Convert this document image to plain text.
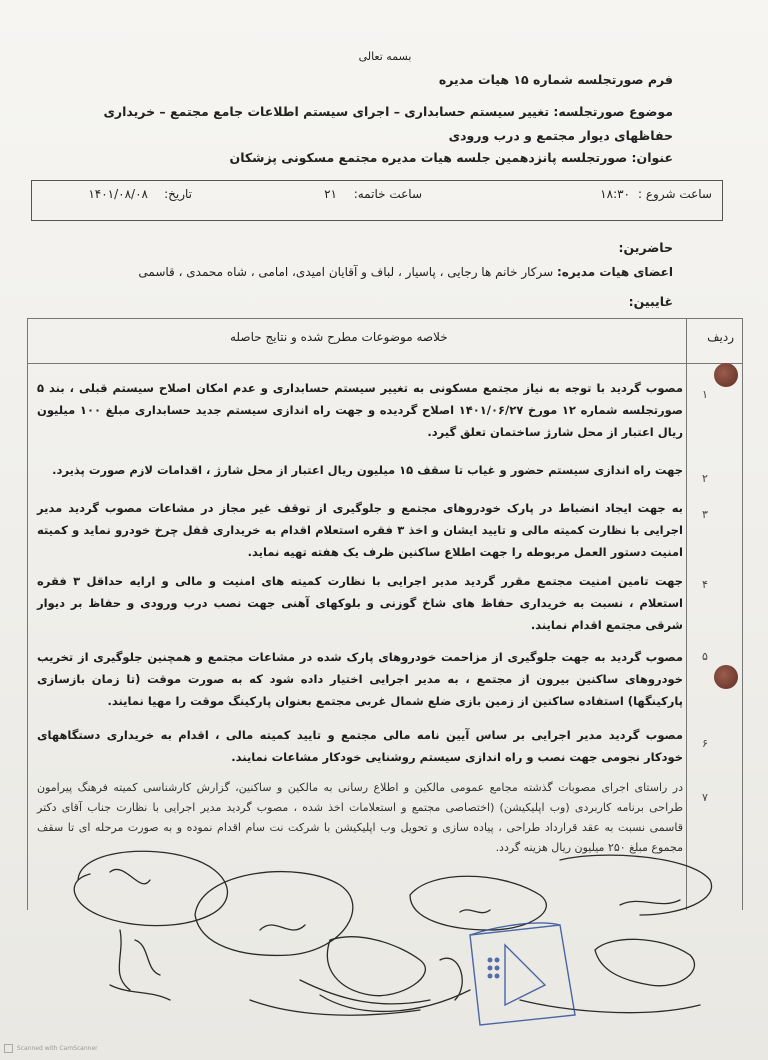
بسمه تعالی
فرم صورتجلسه شماره ۱۵ هیات مدیره
موضوع صورتجلسه: تغییر سیستم حسابداری – اجرای سیستم اطلاعات جامع مجتمع – خریداری حفاظهای دیوار مجتمع و درب ورودی
عنوان: صورتجلسه پانزدهمین جلسه هیات مدیره مجتمع مسکونی پزشکان
ساعت شروع :
۱۸:۳۰
ساعت خاتمه:
۲۱
تاریخ:
۱۴۰۱/۰۸/۰۸
حاضرین:
اعضای هیات مدیره: سرکار خانم ها رجایی ، پاسیار ، لباف و آقایان امیدی، امامی ، شاه محمدی ، قاسمی
غایبین:
ردیف
خلاصه موضوعات مطرح شده و نتایج حاصله
۱
مصوب گردید با توجه به نیاز مجتمع مسکونی به تغییر سیستم حسابداری و عدم امکان اصلاح سیستم قبلی ، بند ۵ صورتجلسه شماره ۱۲ مورخ ۱۴۰۱/۰۶/۲۷ اصلاح گردیده و جهت راه اندازی سیستم جدید حسابداری مبلغ ۱۰۰ میلیون ریال اعتبار از محل شارژ ساختمان تعلق گیرد.
۲
جهت راه اندازی سیستم حضور و غیاب تا سقف ۱۵ میلیون ریال اعتبار از محل شارژ ، اقدامات لازم صورت پذیرد.
۳
به جهت ایجاد انضباط در پارک خودروهای مجتمع و جلوگیری از توقف غیر مجاز در مشاعات مصوب گردید مدیر اجرایی با نظارت کمیته مالی و تایید ایشان و اخذ ۳ فقره استعلام اقدام به خریداری قفل چرخ خودرو نماید و کمیته امنیت دستور العمل مربوطه را جهت اطلاع ساکنین ظرف یک هفته تهیه نماید.
۴
جهت تامین امنیت مجتمع مقرر گردید مدیر اجرایی با نظارت کمیته های امنیت و مالی و ارایه حداقل ۳ فقره استعلام ، نسبت به خریداری حفاظ های شاخ گوزنی و بلوکهای آهنی جهت نصب درب ورودی و حفاظ بر دیوار شرقی مجتمع اقدام نمایند.
۵
مصوب گردید به جهت جلوگیری از مزاحمت خودروهای پارک شده در مشاعات مجتمع و همچنین جلوگیری از تخریب خودروهای ساکنین بیرون از مجتمع ، به مدیر اجرایی اختیار داده شود که به صورت موقت (تا زمان بازسازی پارکینگها) استفاده ساکنین از زمین بازی ضلع شمال غربی مجتمع بعنوان پارکینگ موقت را مهیا نمایند.
۶
مصوب گردید مدیر اجرایی بر ساس آیین نامه مالی مجتمع و تایید کمیته مالی ، اقدام به خریداری دستگاههای خودکار نجومی جهت نصب و راه اندازی سیستم روشنایی خودکار مشاعات نمایند.
۷
در راستای اجرای مصوبات گذشته مجامع عمومی مالکین و اطلاع رسانی به مالکین و ساکنین، گزارش کارشناسی کمیته فرهنگ پیرامون طراحی برنامه کاربردی (وب اپلیکیشن) (اختصاصی مجتمع و استعلامات اخذ شده ، مصوب گردید مدیر اجرایی با نظارت جناب آقای دکتر قاسمی نسبت به عقد قرارداد طراحی ، پیاده سازی و تحویل وب اپلیکیشن با شرکت نت سام اقدام نموده و به صورت مرحله ای تا سقف مجموع مبلغ ۲۵۰ میلیون ریال هزینه گردد.
Scanned with CamScanner
